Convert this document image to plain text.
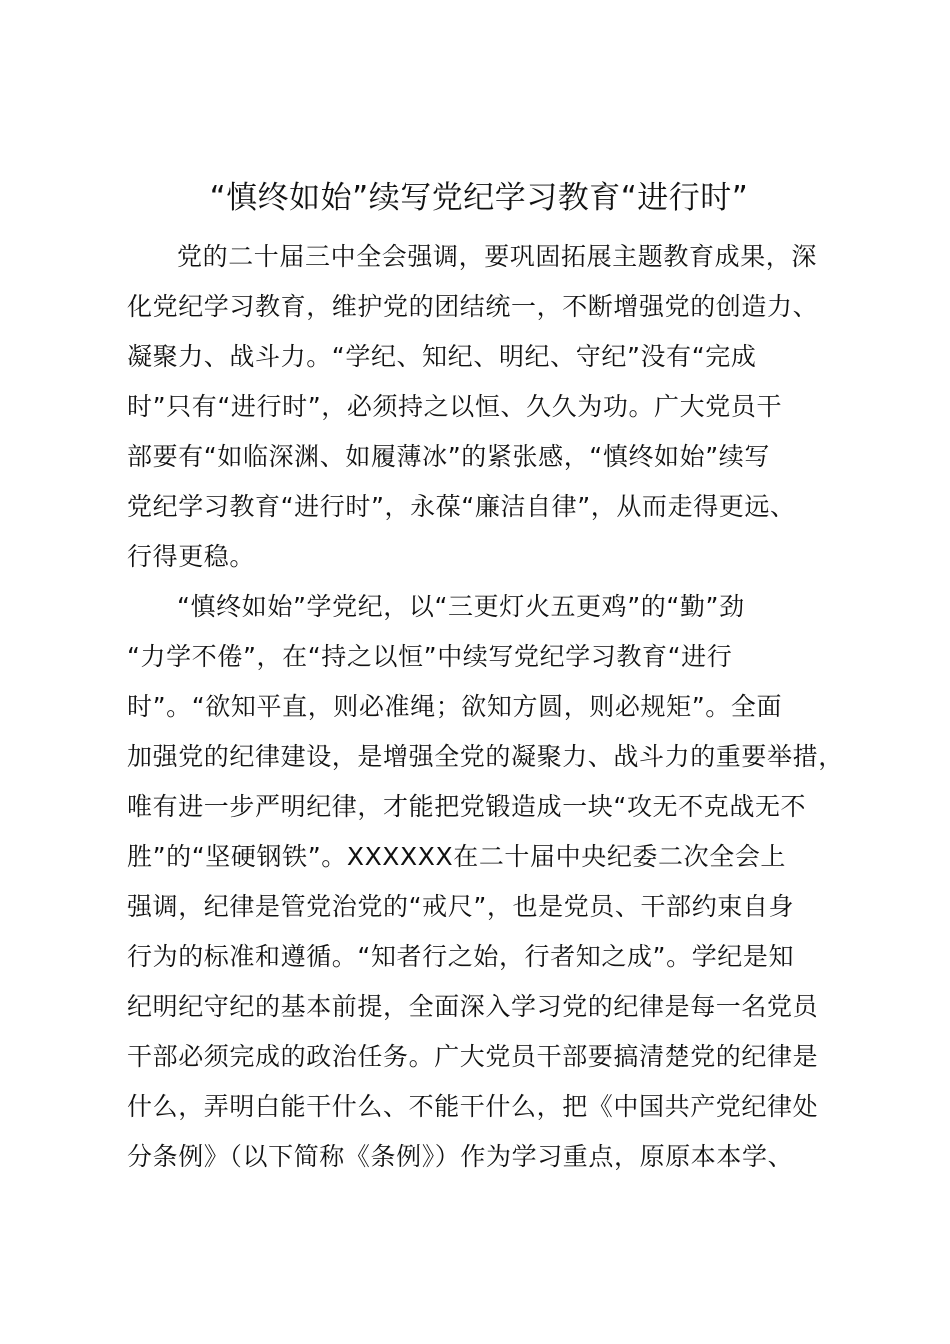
“慎终如始”续写党纪学习教育“进行时”
党的二十届三中全会强调，要巩固拓展主题教育成果，深
化党纪学习教育，维护党的团结统一，不断增强党的创造力、
凝聚力、战斗力。“学纪、知纪、明纪、守纪”没有“完成
时”只有“进行时”，必须持之以恒、久久为功。广大党员干
部要有“如临深渊、如履薄冰”的紧张感，“慎终如始”续写
党纪学习教育“进行时”，永葆“廉洁自律”，从而走得更远、
行得更稳。
“慎终如始”学党纪，以“三更灯火五更鸡”的“勤”劲
“力学不倦”，在“持之以恒”中续写党纪学习教育“进行
时”。“欲知平直，则必准绳；欲知方圆，则必规矩”。全面
加强党的纪律建设，是增强全党的凝聚力、战斗力的重要举措，
唯有进一步严明纪律，才能把党锻造成一块“攻无不克战无不
胜”的“坚硬钢铁”。XXXXXX在二十届中央纪委二次全会上
强调，纪律是管党治党的“戒尺”，也是党员、干部约束自身
行为的标准和遵循。“知者行之始，行者知之成”。学纪是知
纪明纪守纪的基本前提，全面深入学习党的纪律是每一名党员
干部必须完成的政治任务。广大党员干部要搞清楚党的纪律是
什么，弄明白能干什么、不能干什么，把《中国共产党纪律处
分条例》（以下简称《条例》）作为学习重点，原原本本学、
